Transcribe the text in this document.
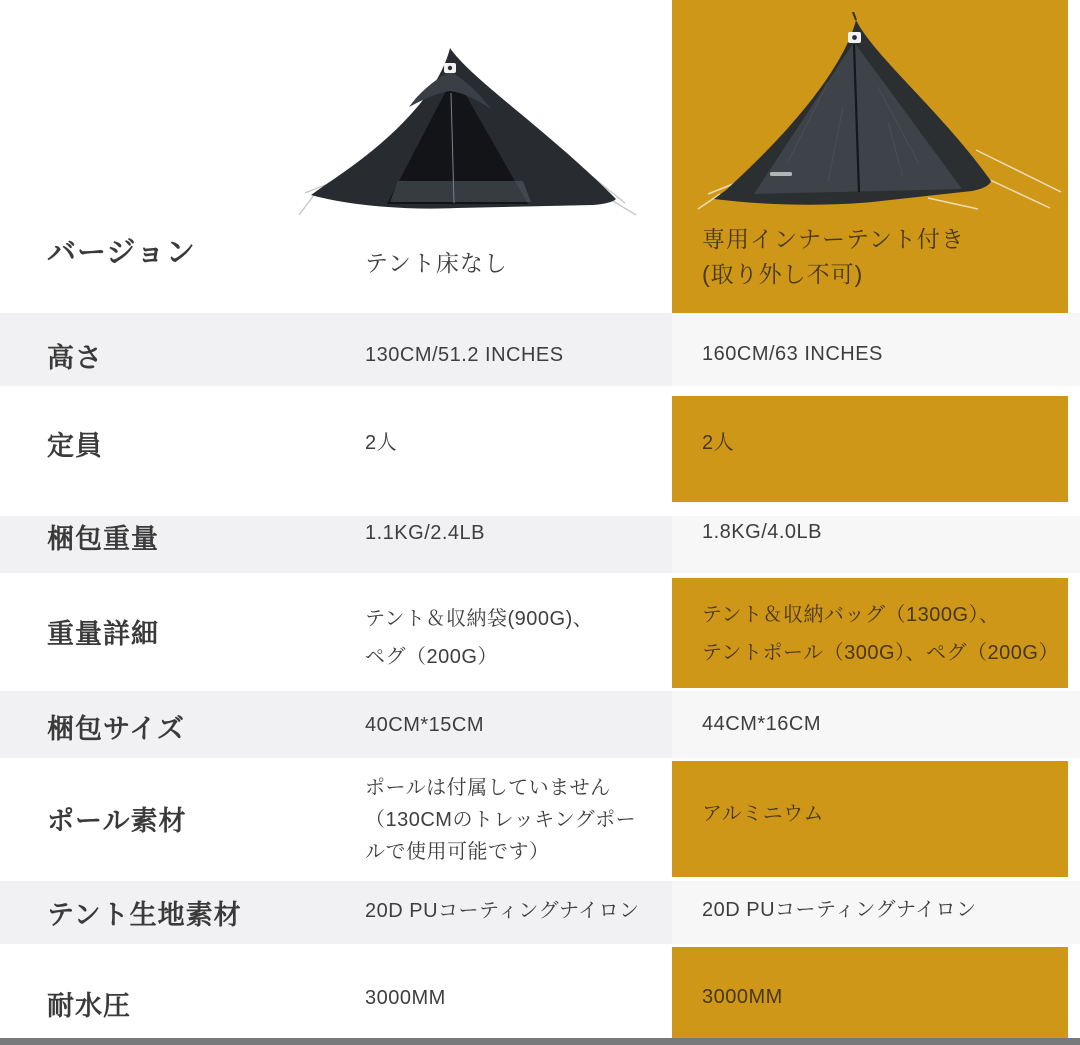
バージョン
高さ
定員
梱包重量
重量詳細
梱包サイズ
ポール素材
テント生地素材
耐水圧
テント床なし
130CM/51.2 INCHES
2人
1.1KG/2.4LB
テント＆収納袋(900G)、
ペグ（200G）
40CM*15CM
ポールは付属していません
（130CMのトレッキングポー
ルで使用可能です）
20D PUコーティングナイロン
3000MM
専用インナーテント付き
(取り外し不可)
160CM/63 INCHES
2人
1.8KG/4.0LB
テント＆収納バッグ（1300G）、
テントポール（300G）、ペグ（200G）
44CM*16CM
アルミニウム
20D PUコーティングナイロン
3000MM
